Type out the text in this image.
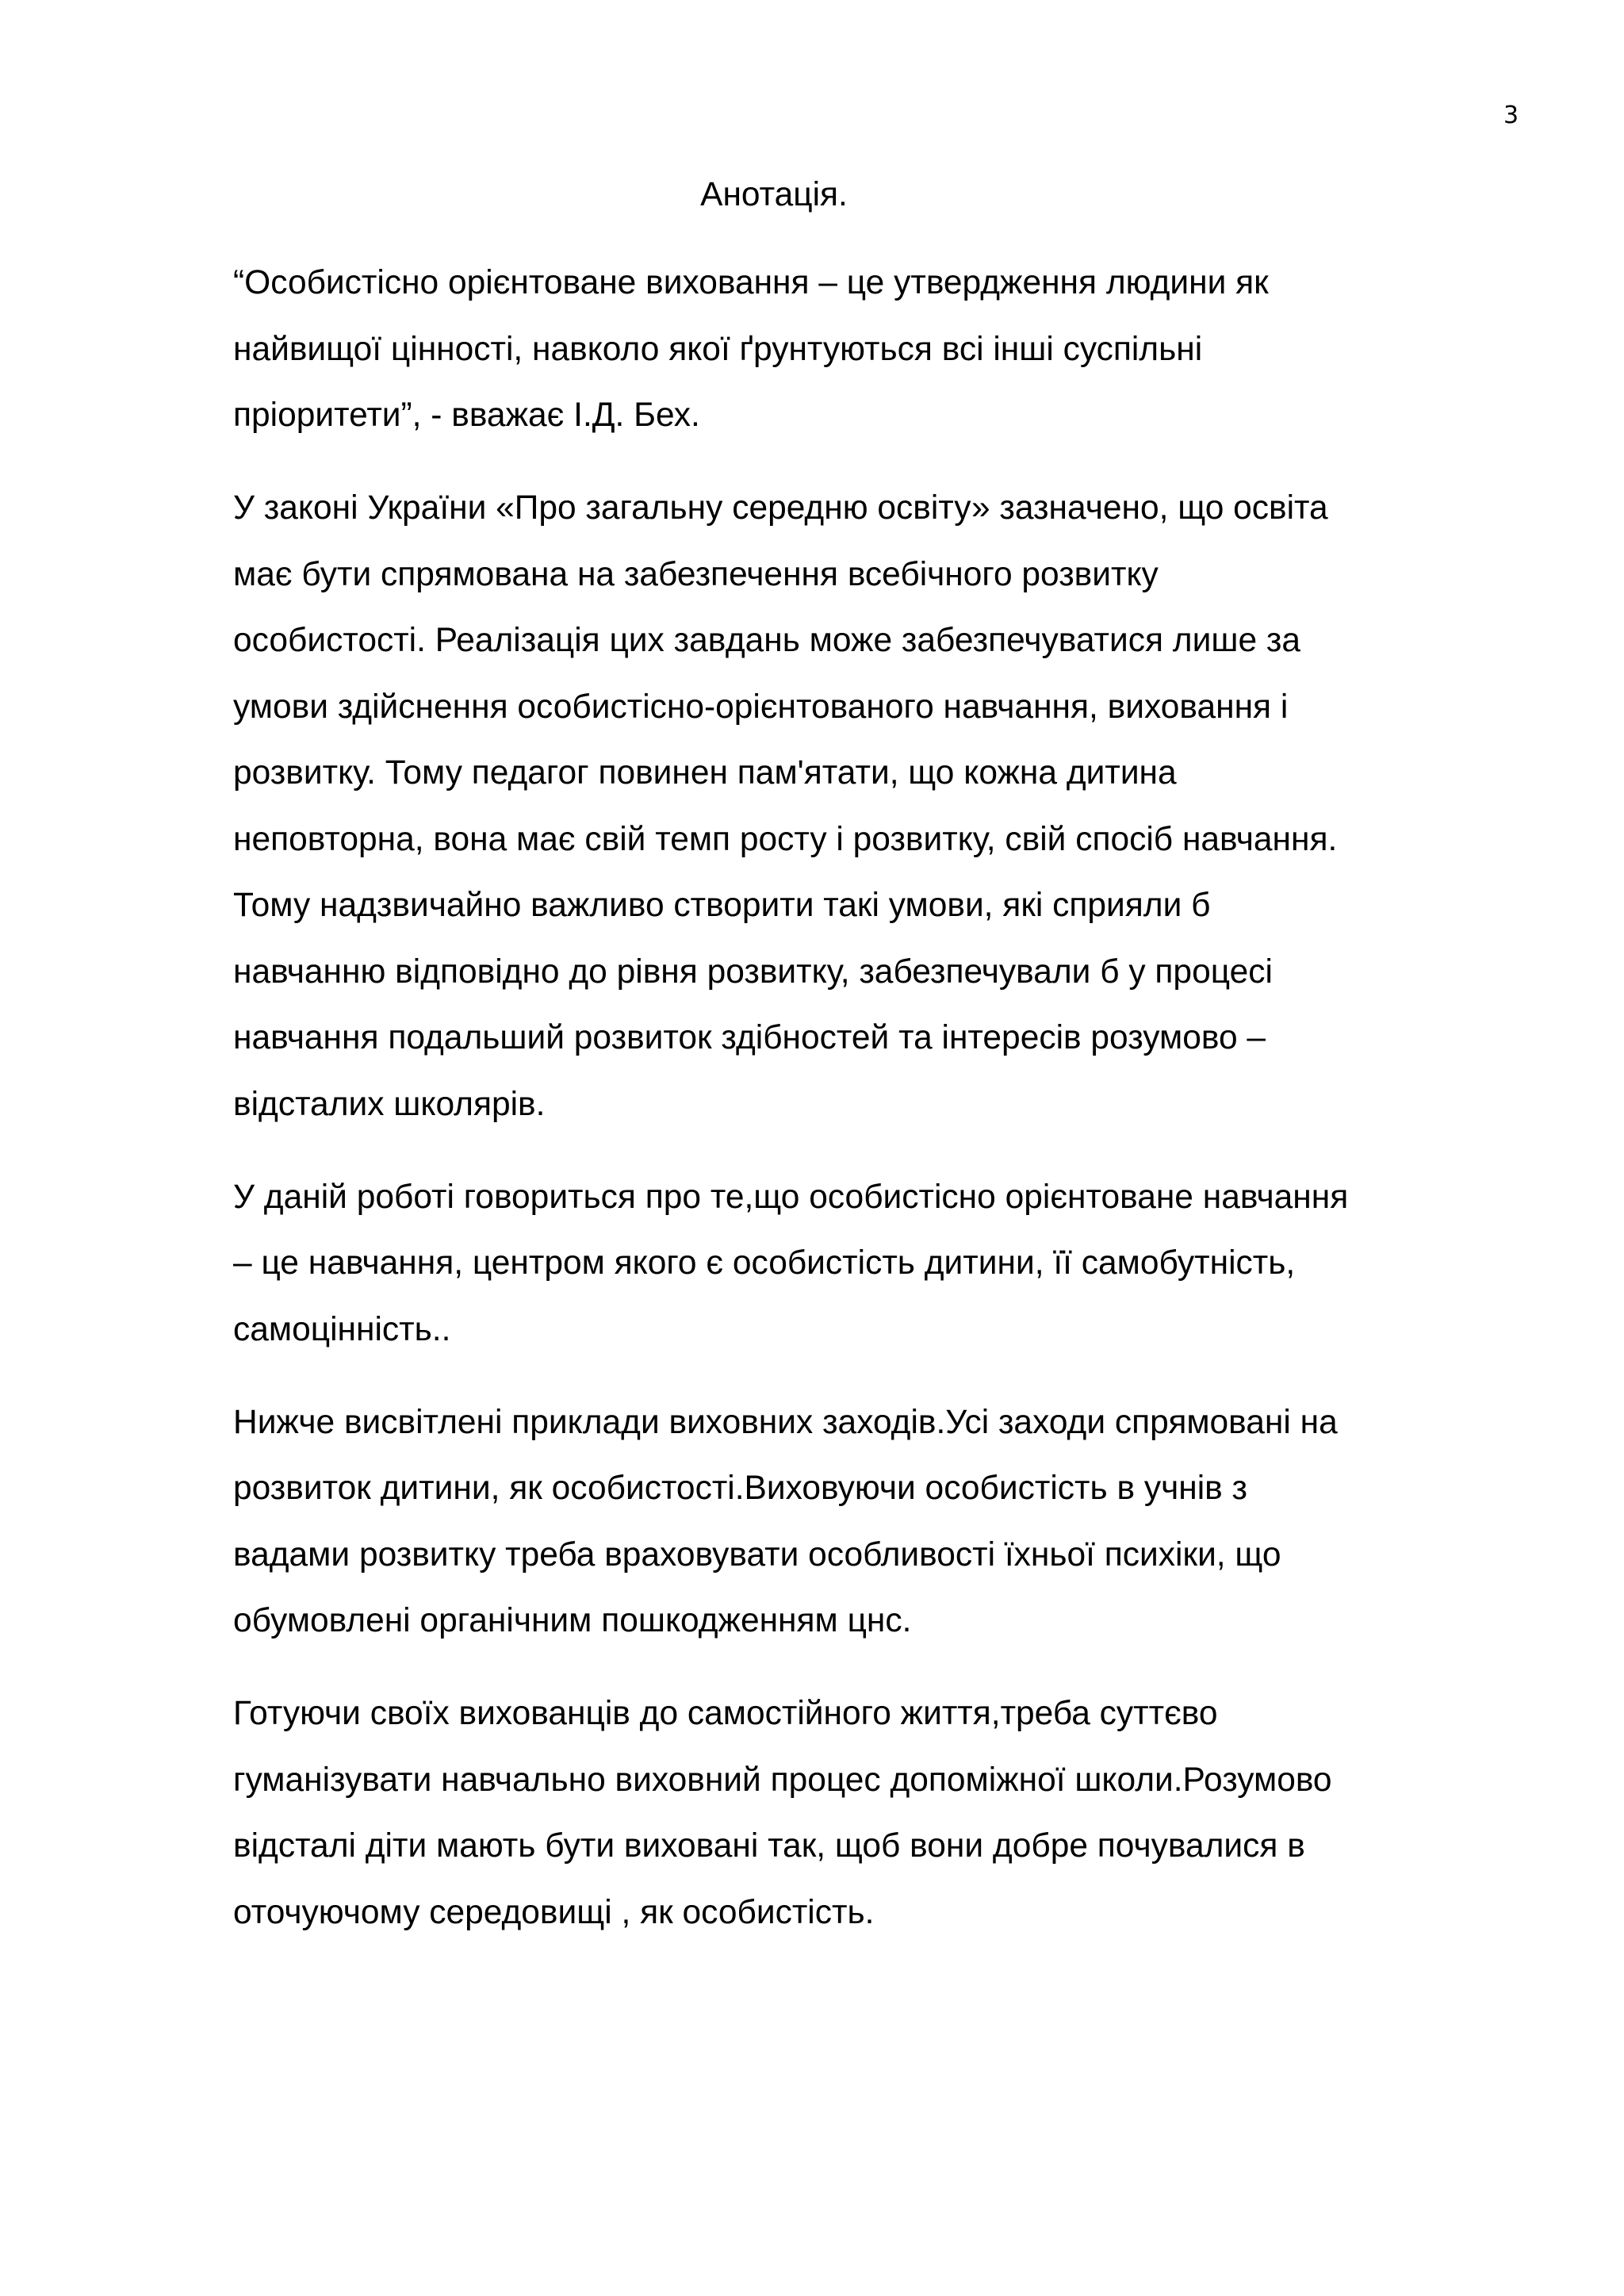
3
Анотація.
“Особистісно орієнтоване виховання – це утвердження людини як
найвищої цінності, навколо якої ґрунтуються всі інші суспільні
пріоритети”, - вважає І.Д. Бех.
У законі України «Про загальну середню освіту» зазначено, що освіта
має бути спрямована на забезпечення всебічного розвитку
особистості. Реалізація цих завдань може забезпечуватися лише за
умови здійснення особистісно-орієнтованого навчання, виховання і
розвитку. Тому педагог повинен пам'ятати, що кожна дитина
неповторна, вона має свій темп росту і розвитку, свій спосіб навчання.
Тому надзвичайно важливо створити такі умови, які сприяли б
навчанню відповідно до рівня розвитку, забезпечували б у процесі
навчання подальший розвиток здібностей та інтересів розумово –
відсталих школярів.
У даній роботі говориться про те,що особистісно орієнтоване навчання
– це навчання, центром якого є особистість дитини, її самобутність,
самоцінність..
Нижче висвітлені приклади виховних заходів.Усі заходи спрямовані на
розвиток дитини, як особистості.Виховуючи особистість в учнів з
вадами розвитку треба враховувати особливості їхньої психіки, що
обумовлені органічним пошкодженням цнс.
Готуючи своїх вихованців до самостійного життя,треба суттєво
гуманізувати навчально виховний процес допоміжної школи.Розумово
відсталі діти мають бути виховані так, щоб вони добре почувалися в
оточуючому середовищі , як особистість.
